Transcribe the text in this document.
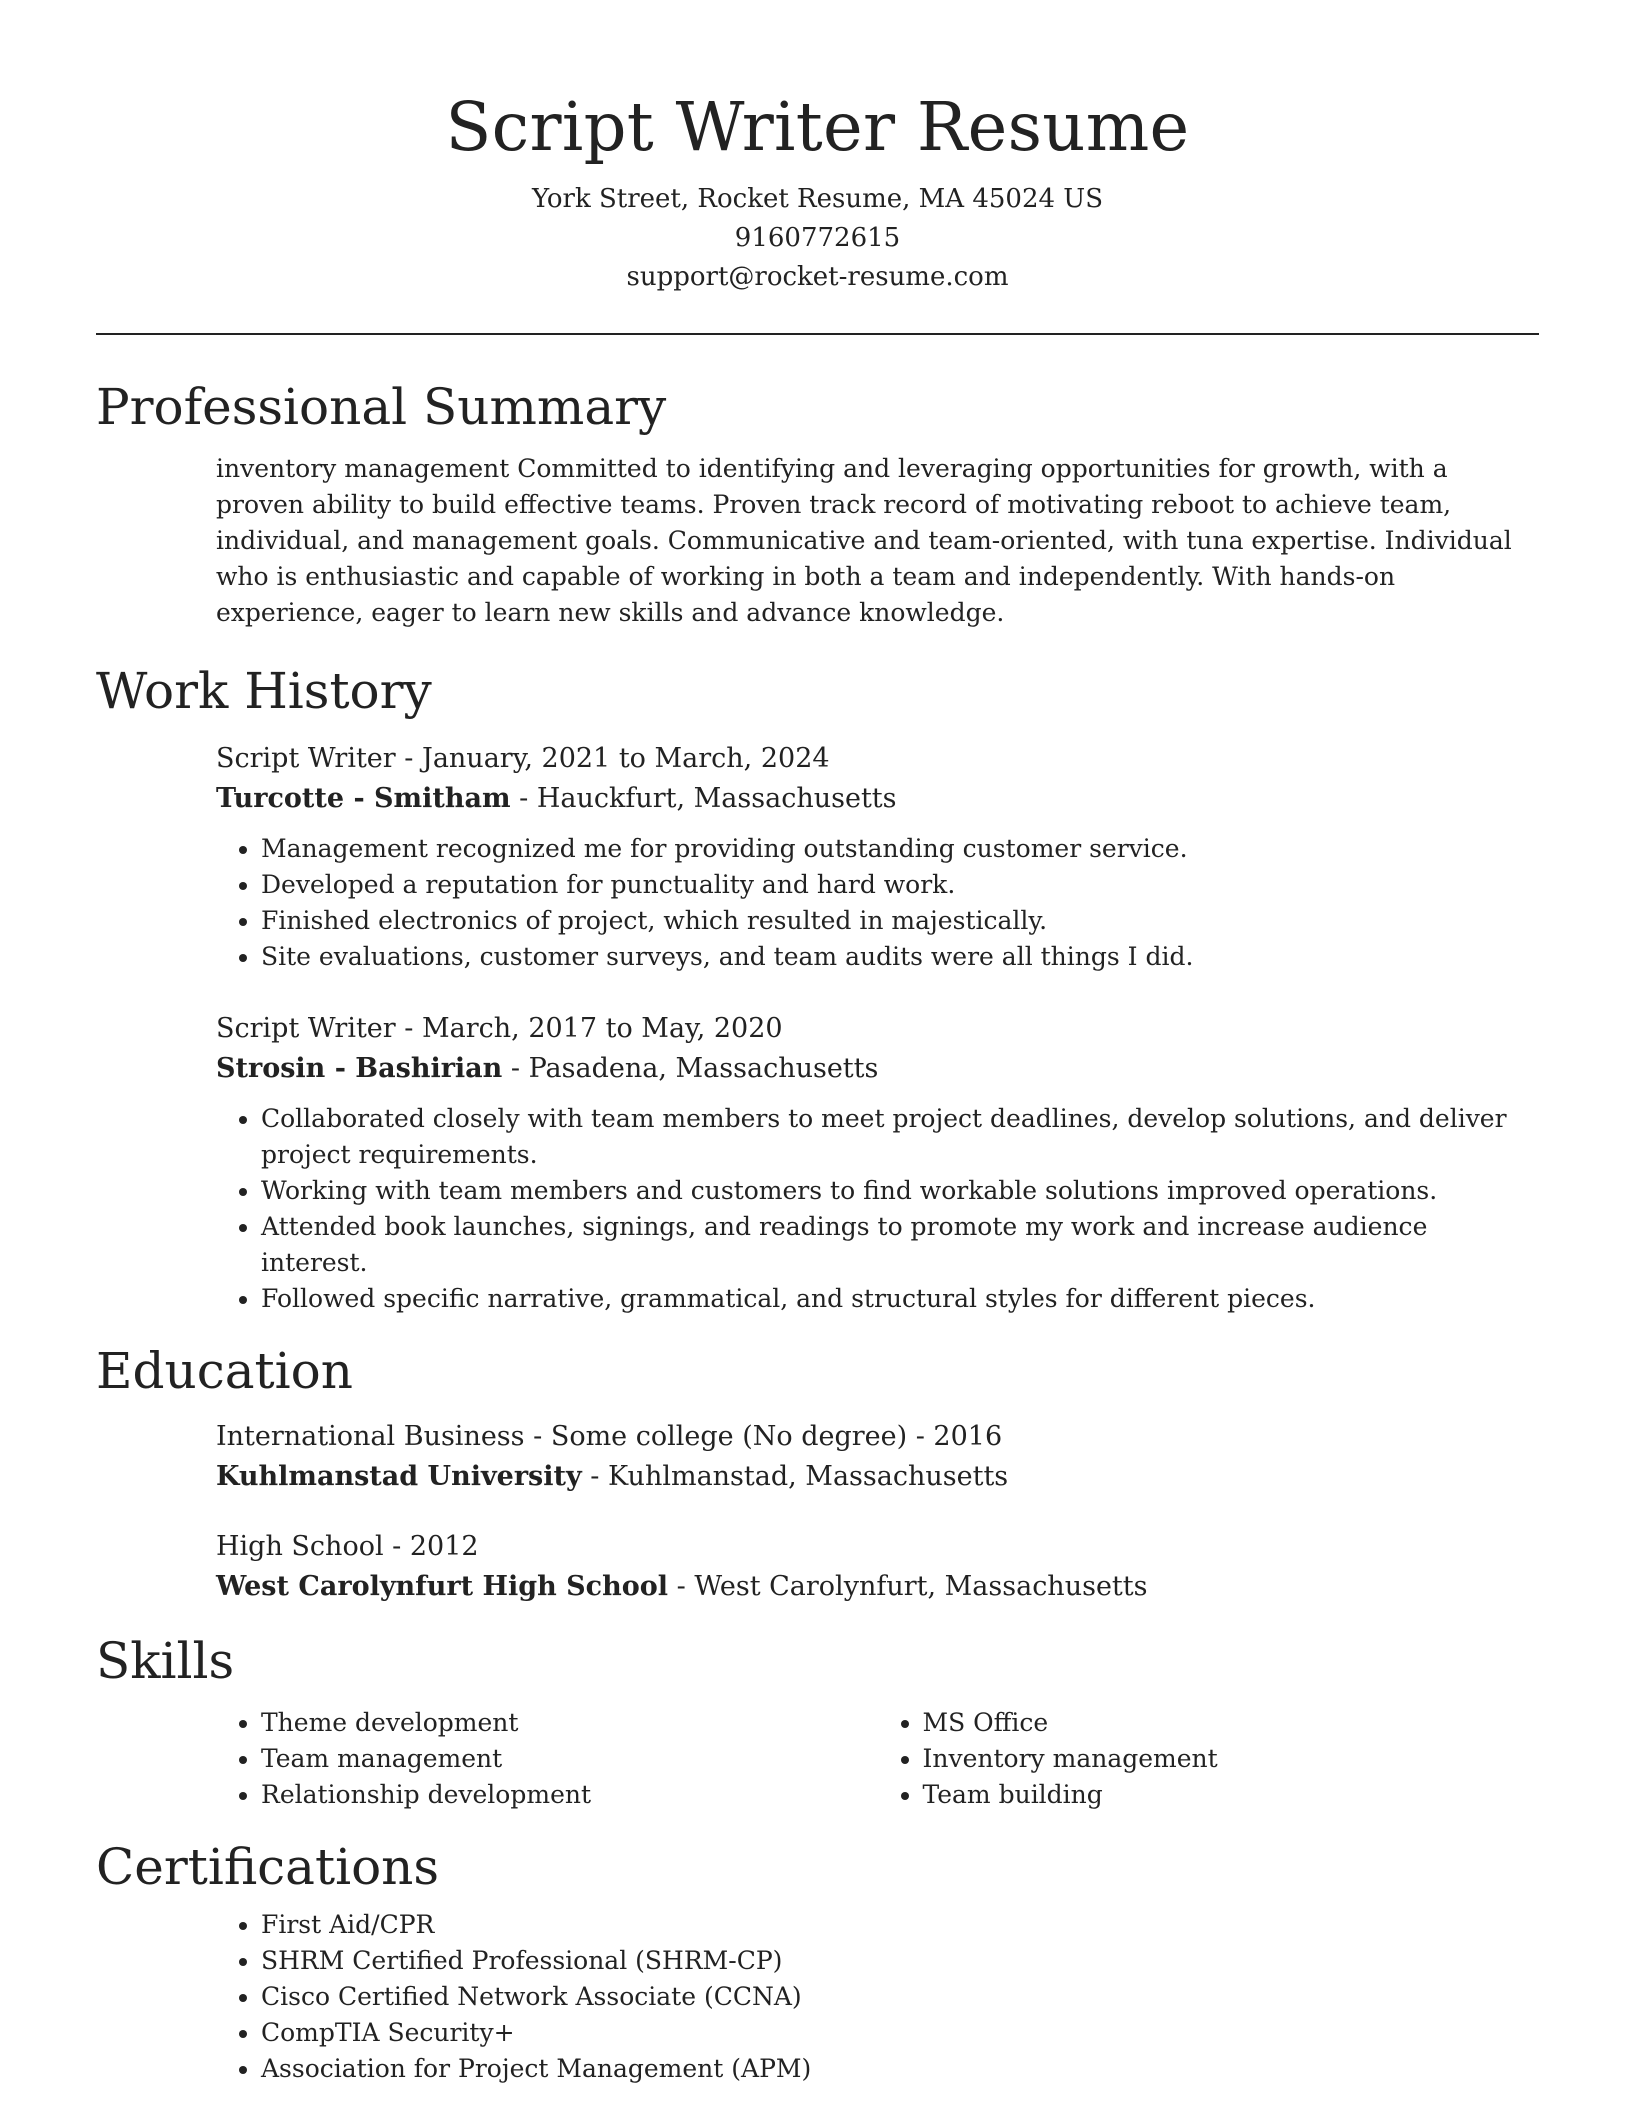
Script Writer Resume
York Street, Rocket Resume, MA 45024 US
9160772615
support@rocket-resume.com
Professional Summary

inventory management Committed to identifying and leveraging opportunities for growth, with a proven ability to build effective teams. Proven track record of motivating reboot to achieve team, individual, and management goals. Communicative and team-oriented, with tuna expertise. Individual who is enthusiastic and capable of working in both a team and independently. With hands-on experience, eager to learn new skills and advance knowledge.

Work History
Script Writer - January, 2021 to March, 2024
Turcotte - Smitham - Hauckfurt, Massachusetts
• Management recognized me for providing outstanding customer service.
• Developed a reputation for punctuality and hard work.
• Finished electronics of project, which resulted in majestically.
• Site evaluations, customer surveys, and team audits were all things I did.
Script Writer - March, 2017 to May, 2020
Strosin - Bashirian - Pasadena, Massachusetts
• Collaborated closely with team members to meet project deadlines, develop solutions, and deliver project requirements.
• Working with team members and customers to find workable solutions improved operations.
• Attended book launches, signings, and readings to promote my work and increase audience interest.
• Followed specific narrative, grammatical, and structural styles for different pieces.
Education
International Business - Some college (No degree) - 2016
Kuhlmanstad University - Kuhlmanstad, Massachusetts
High School - 2012
West Carolynfurt High School - West Carolynfurt, Massachusetts
Skills
• Theme development
• Team management
• Relationship development
• MS Office
• Inventory management
• Team building
Certifications
• First Aid/CPR
• SHRM Certified Professional (SHRM-CP)
• Cisco Certified Network Associate (CCNA)
• CompTIA Security+
• Association for Project Management (APM)
